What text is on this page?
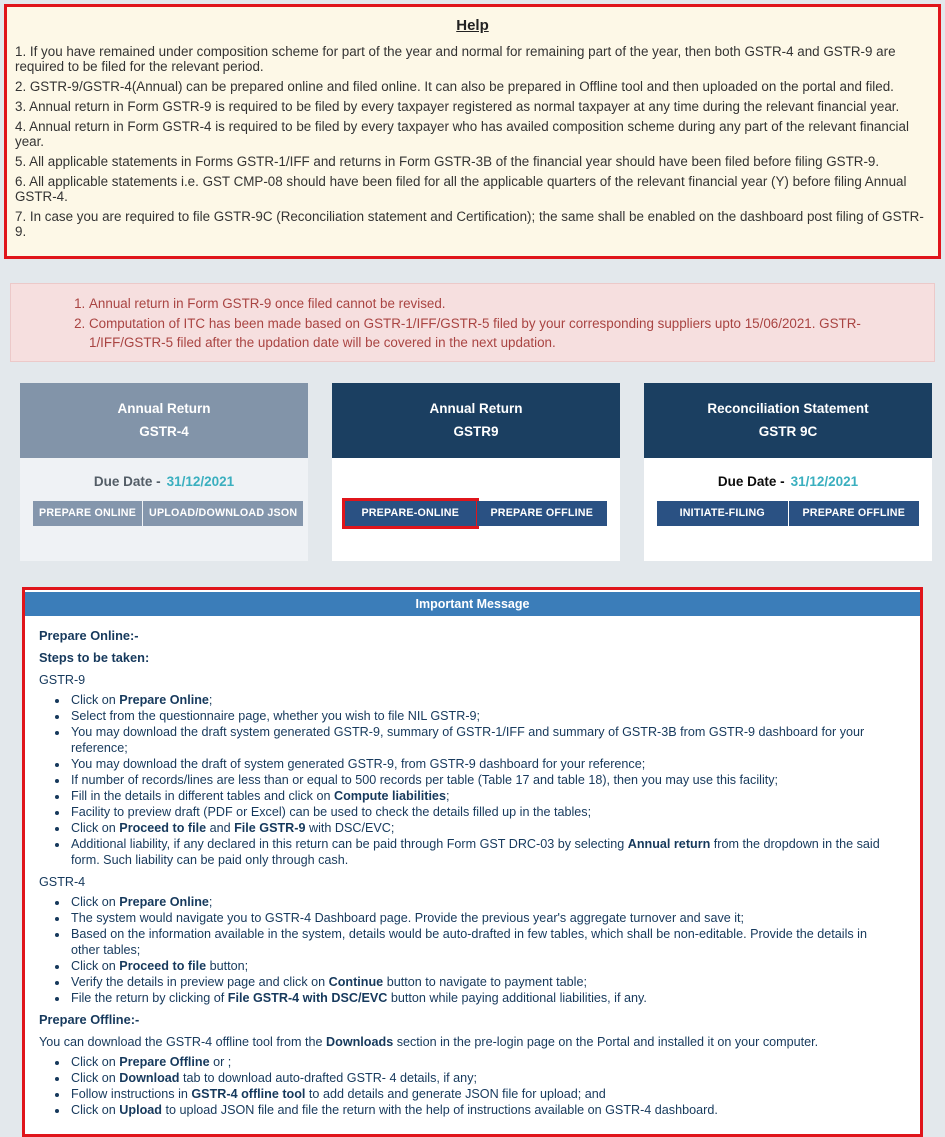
Help
1. If you have remained under composition scheme for part of the year and normal for remaining part of the year, then both GSTR-4 and GSTR-9 are required to be filed for the relevant period.
2. GSTR-9/GSTR-4(Annual) can be prepared online and filed online. It can also be prepared in Offline tool and then uploaded on the portal and filed.
3. Annual return in Form GSTR-9 is required to be filed by every taxpayer registered as normal taxpayer at any time during the relevant financial year.
4. Annual return in Form GSTR-4 is required to be filed by every taxpayer who has availed composition scheme during any part of the relevant financial year.
5. All applicable statements in Forms GSTR-1/IFF and returns in Form GSTR-3B of the financial year should have been filed before filing GSTR-9.
6. All applicable statements i.e. GST CMP-08 should have been filed for all the applicable quarters of the relevant financial year (Y) before filing Annual GSTR-4.
7. In case you are required to file GSTR-9C (Reconciliation statement and Certification); the same shall be enabled on the dashboard post filing of GSTR-9.
1. Annual return in Form GSTR-9 once filed cannot be revised.
2. Computation of ITC has been made based on GSTR-1/IFF/GSTR-5 filed by your corresponding suppliers upto 15/06/2021. GSTR-1/IFF/GSTR-5 filed after the updation date will be covered in the next updation.
Annual Return
GSTR-4
Due Date - 31/12/2021
PREPARE ONLINE	UPLOAD/DOWNLOAD JSON
Annual Return
GSTR9
PREPARE-ONLINE	PREPARE OFFLINE
Reconciliation Statement
GSTR 9C
Due Date - 31/12/2021
INITIATE-FILING	PREPARE OFFLINE
Important Message
Prepare Online:-
Steps to be taken:
GSTR-9
• Click on Prepare Online;
• Select from the questionnaire page, whether you wish to file NIL GSTR-9;
• You may download the draft system generated GSTR-9, summary of GSTR-1/IFF and summary of GSTR-3B from GSTR-9 dashboard for your reference;
• You may download the draft of system generated GSTR-9, from GSTR-9 dashboard for your reference;
• If number of records/lines are less than or equal to 500 records per table (Table 17 and table 18), then you may use this facility;
• Fill in the details in different tables and click on Compute liabilities;
• Facility to preview draft (PDF or Excel) can be used to check the details filled up in the tables;
• Click on Proceed to file and File GSTR-9 with DSC/EVC;
• Additional liability, if any declared in this return can be paid through Form GST DRC-03 by selecting Annual return from the dropdown in the said form. Such liability can be paid only through cash.
GSTR-4
• Click on Prepare Online;
• The system would navigate you to GSTR-4 Dashboard page. Provide the previous year's aggregate turnover and save it;
• Based on the information available in the system, details would be auto-drafted in few tables, which shall be non-editable. Provide the details in other tables;
• Click on Proceed to file button;
• Verify the details in preview page and click on Continue button to navigate to payment table;
• File the return by clicking of File GSTR-4 with DSC/EVC button while paying additional liabilities, if any.
Prepare Offline:-
You can download the GSTR-4 offline tool from the Downloads section in the pre-login page on the Portal and installed it on your computer.
• Click on Prepare Offline or ;
• Click on Download tab to download auto-drafted GSTR- 4 details, if any;
• Follow instructions in GSTR-4 offline tool to add details and generate JSON file for upload; and
• Click on Upload to upload JSON file and file the return with the help of instructions available on GSTR-4 dashboard.
